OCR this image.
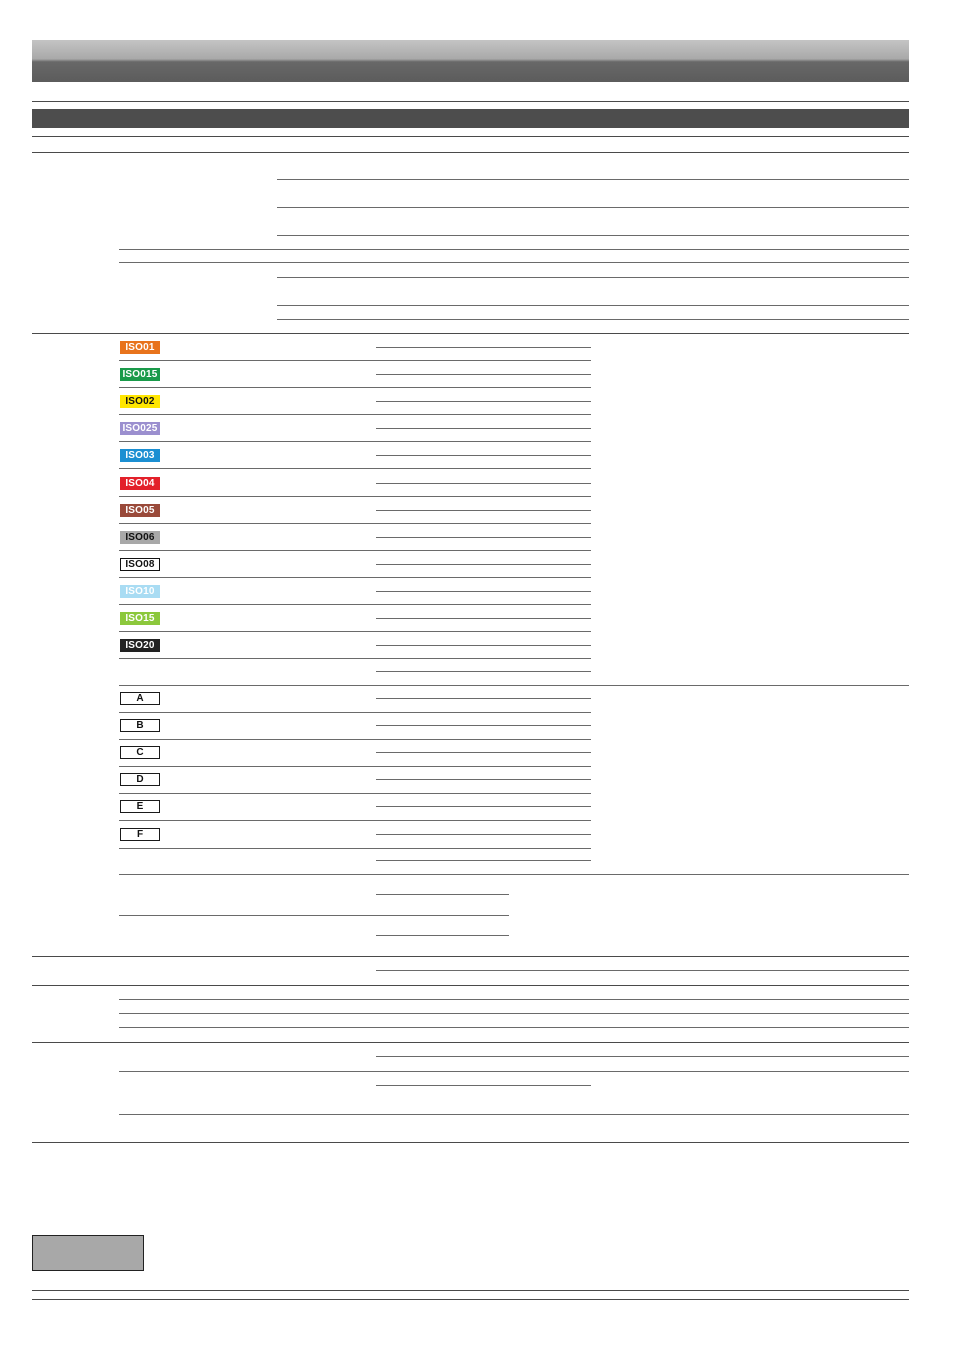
ISO01
ISO015
ISO02
ISO025
ISO03
ISO04
ISO05
ISO06
ISO08
ISO10
ISO15
ISO20
A
B
C
D
E
F
